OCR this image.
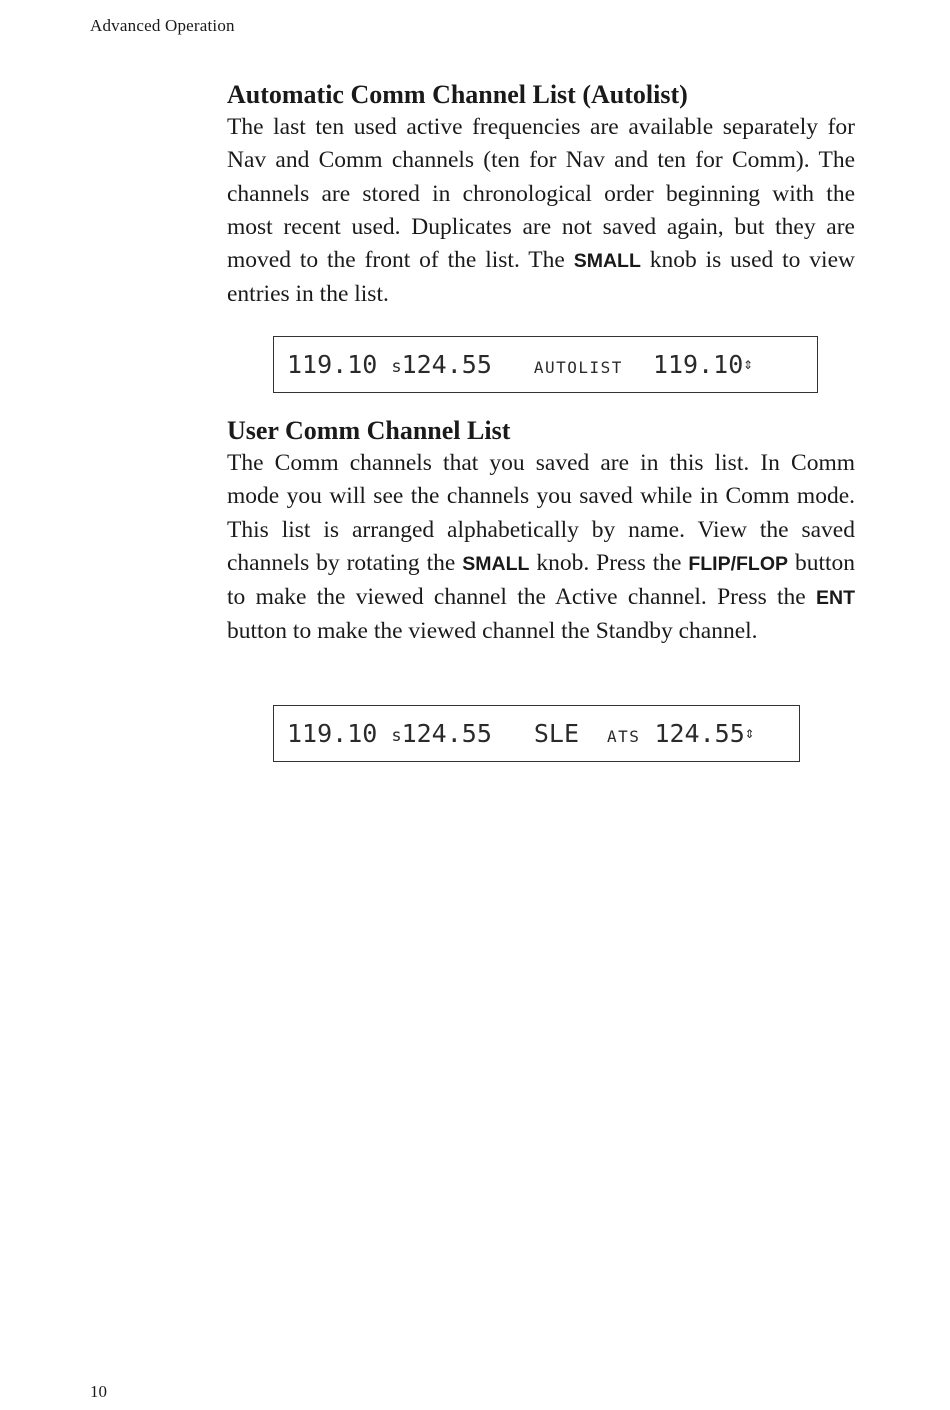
Advanced Operation
Automatic Comm Channel List (Autolist)

The last ten used active frequencies are available separately for Nav and Comm channels (ten for Nav and ten for Comm). The channels are stored in chronological order beginning with the most recent used. Duplicates are not saved again, but they are moved to the front of the list. The SMALL knob is used to view entries in the list.

119.10 s 124.55	AUTOLIST 119.10 ⇕
User Comm Channel List

The Comm channels that you saved are in this list. In Comm mode you will see the channels you saved while in Comm mode. This list is arranged alphabetically by name. View the saved channels by rotating the SMALL knob. Press the FLIP/FLOP button to make the viewed channel the Active channel. Press the ENT button to make the viewed channel the Standby channel.

119.10 s 124.55 SLE ATS 124.55 ⇕
10
